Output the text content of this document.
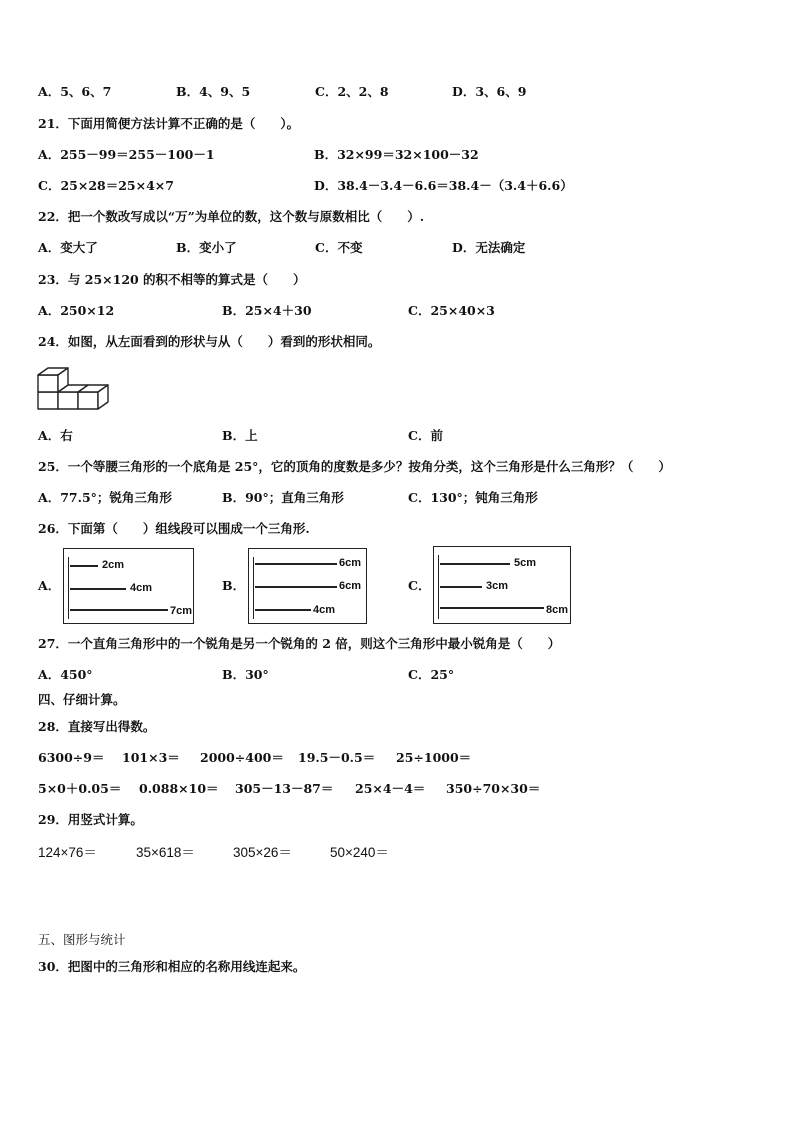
A．5、6、7	B．4、9、5	C．2、2、8	D．3、6、9
21．下面用简便方法计算不正确的是（　　）。
A．255－99＝255－100－1	B．32×99＝32×100－32
C．25×28＝25×4×7	D．38.4－3.4－6.6＝38.4－（3.4＋6.6）
22．把一个数改写成以“万”为单位的数，这个数与原数相比（　　）.
A．变大了	B．变小了	C．不变	D．无法确定
23．与 25×120 的积不相等的算式是（　　）
A．250×12	B．25×4＋30	C．25×40×3
24．如图，从左面看到的形状与从（　　）看到的形状相同。
A．右	B．上	C．前
25．一个等腰三角形的一个底角是 25°，它的顶角的度数是多少？按角分类，这个三角形是什么三角形？（　　）
A．77.5°；锐角三角形	B．90°；直角三角形	C．130°；钝角三角形
26．下面第（　　）组线段可以围成一个三角形.
A．
2cm
4cm
7cm
B．
6cm
6cm
4cm
C．
5cm
3cm
8cm
27．一个直角三角形中的一个锐角是另一个锐角的 2 倍，则这个三角形中最小锐角是（　　）
A．450°	B．30°	C．25°
四、仔细计算。
28．直接写出得数。
6300÷9＝ 101×3＝ 2000÷400＝ 19.5－0.5＝ 25÷1000＝
5×0＋0.05＝ 0.088×10＝ 305－13－87＝ 25×4－4＝ 350÷70×30＝
29．用竖式计算。
124×76＝	35×618＝	305×26＝	50×240＝
五、图形与统计
30．把图中的三角形和相应的名称用线连起来。
